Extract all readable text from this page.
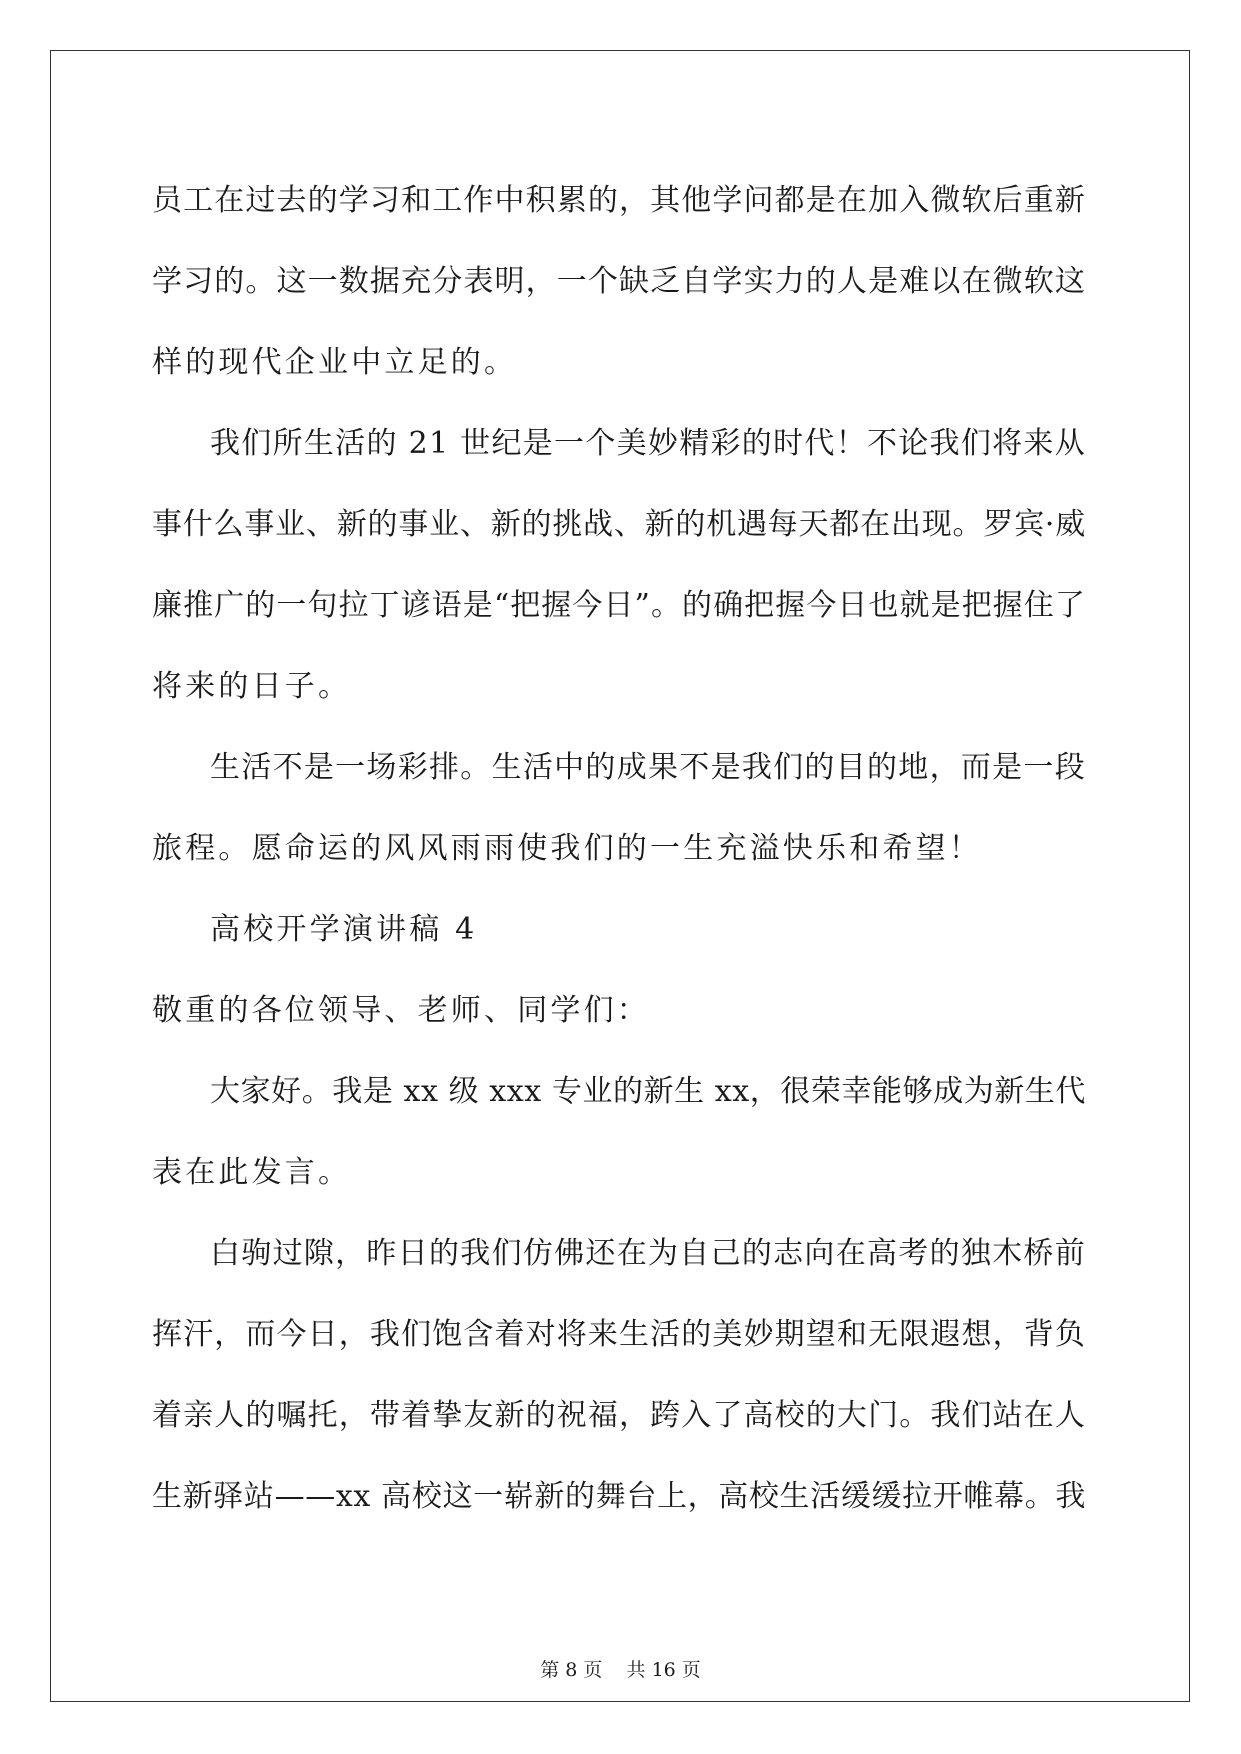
员工在过去的学习和工作中积累的，其他学问都是在加入微软后重新
学习的。这一数据充分表明，一个缺乏自学实力的人是难以在微软这
样的现代企业中立足的。

我们所生活的 21 世纪是一个美妙精彩的时代！不论我们将来从
事什么事业、新的事业、新的挑战、新的机遇每天都在出现。罗宾·威
廉推广的一句拉丁谚语是“把握今日”。的确把握今日也就是把握住了
将来的日子。

生活不是一场彩排。生活中的成果不是我们的目的地，而是一段
旅程。愿命运的风风雨雨使我们的一生充溢快乐和希望！

高校开学演讲稿 4

敬重的各位领导、老师、同学们：

大家好。我是 xx 级 xxx 专业的新生 xx，很荣幸能够成为新生代
表在此发言。

白驹过隙，昨日的我们仿佛还在为自己的志向在高考的独木桥前
挥汗，而今日，我们饱含着对将来生活的美妙期望和无限遐想，背负
着亲人的嘱托，带着挚友新的祝福，跨入了高校的大门。我们站在人
生新驿站——xx 高校这一崭新的舞台上，高校生活缓缓拉开帷幕。我

第 8 页 共 16 页
